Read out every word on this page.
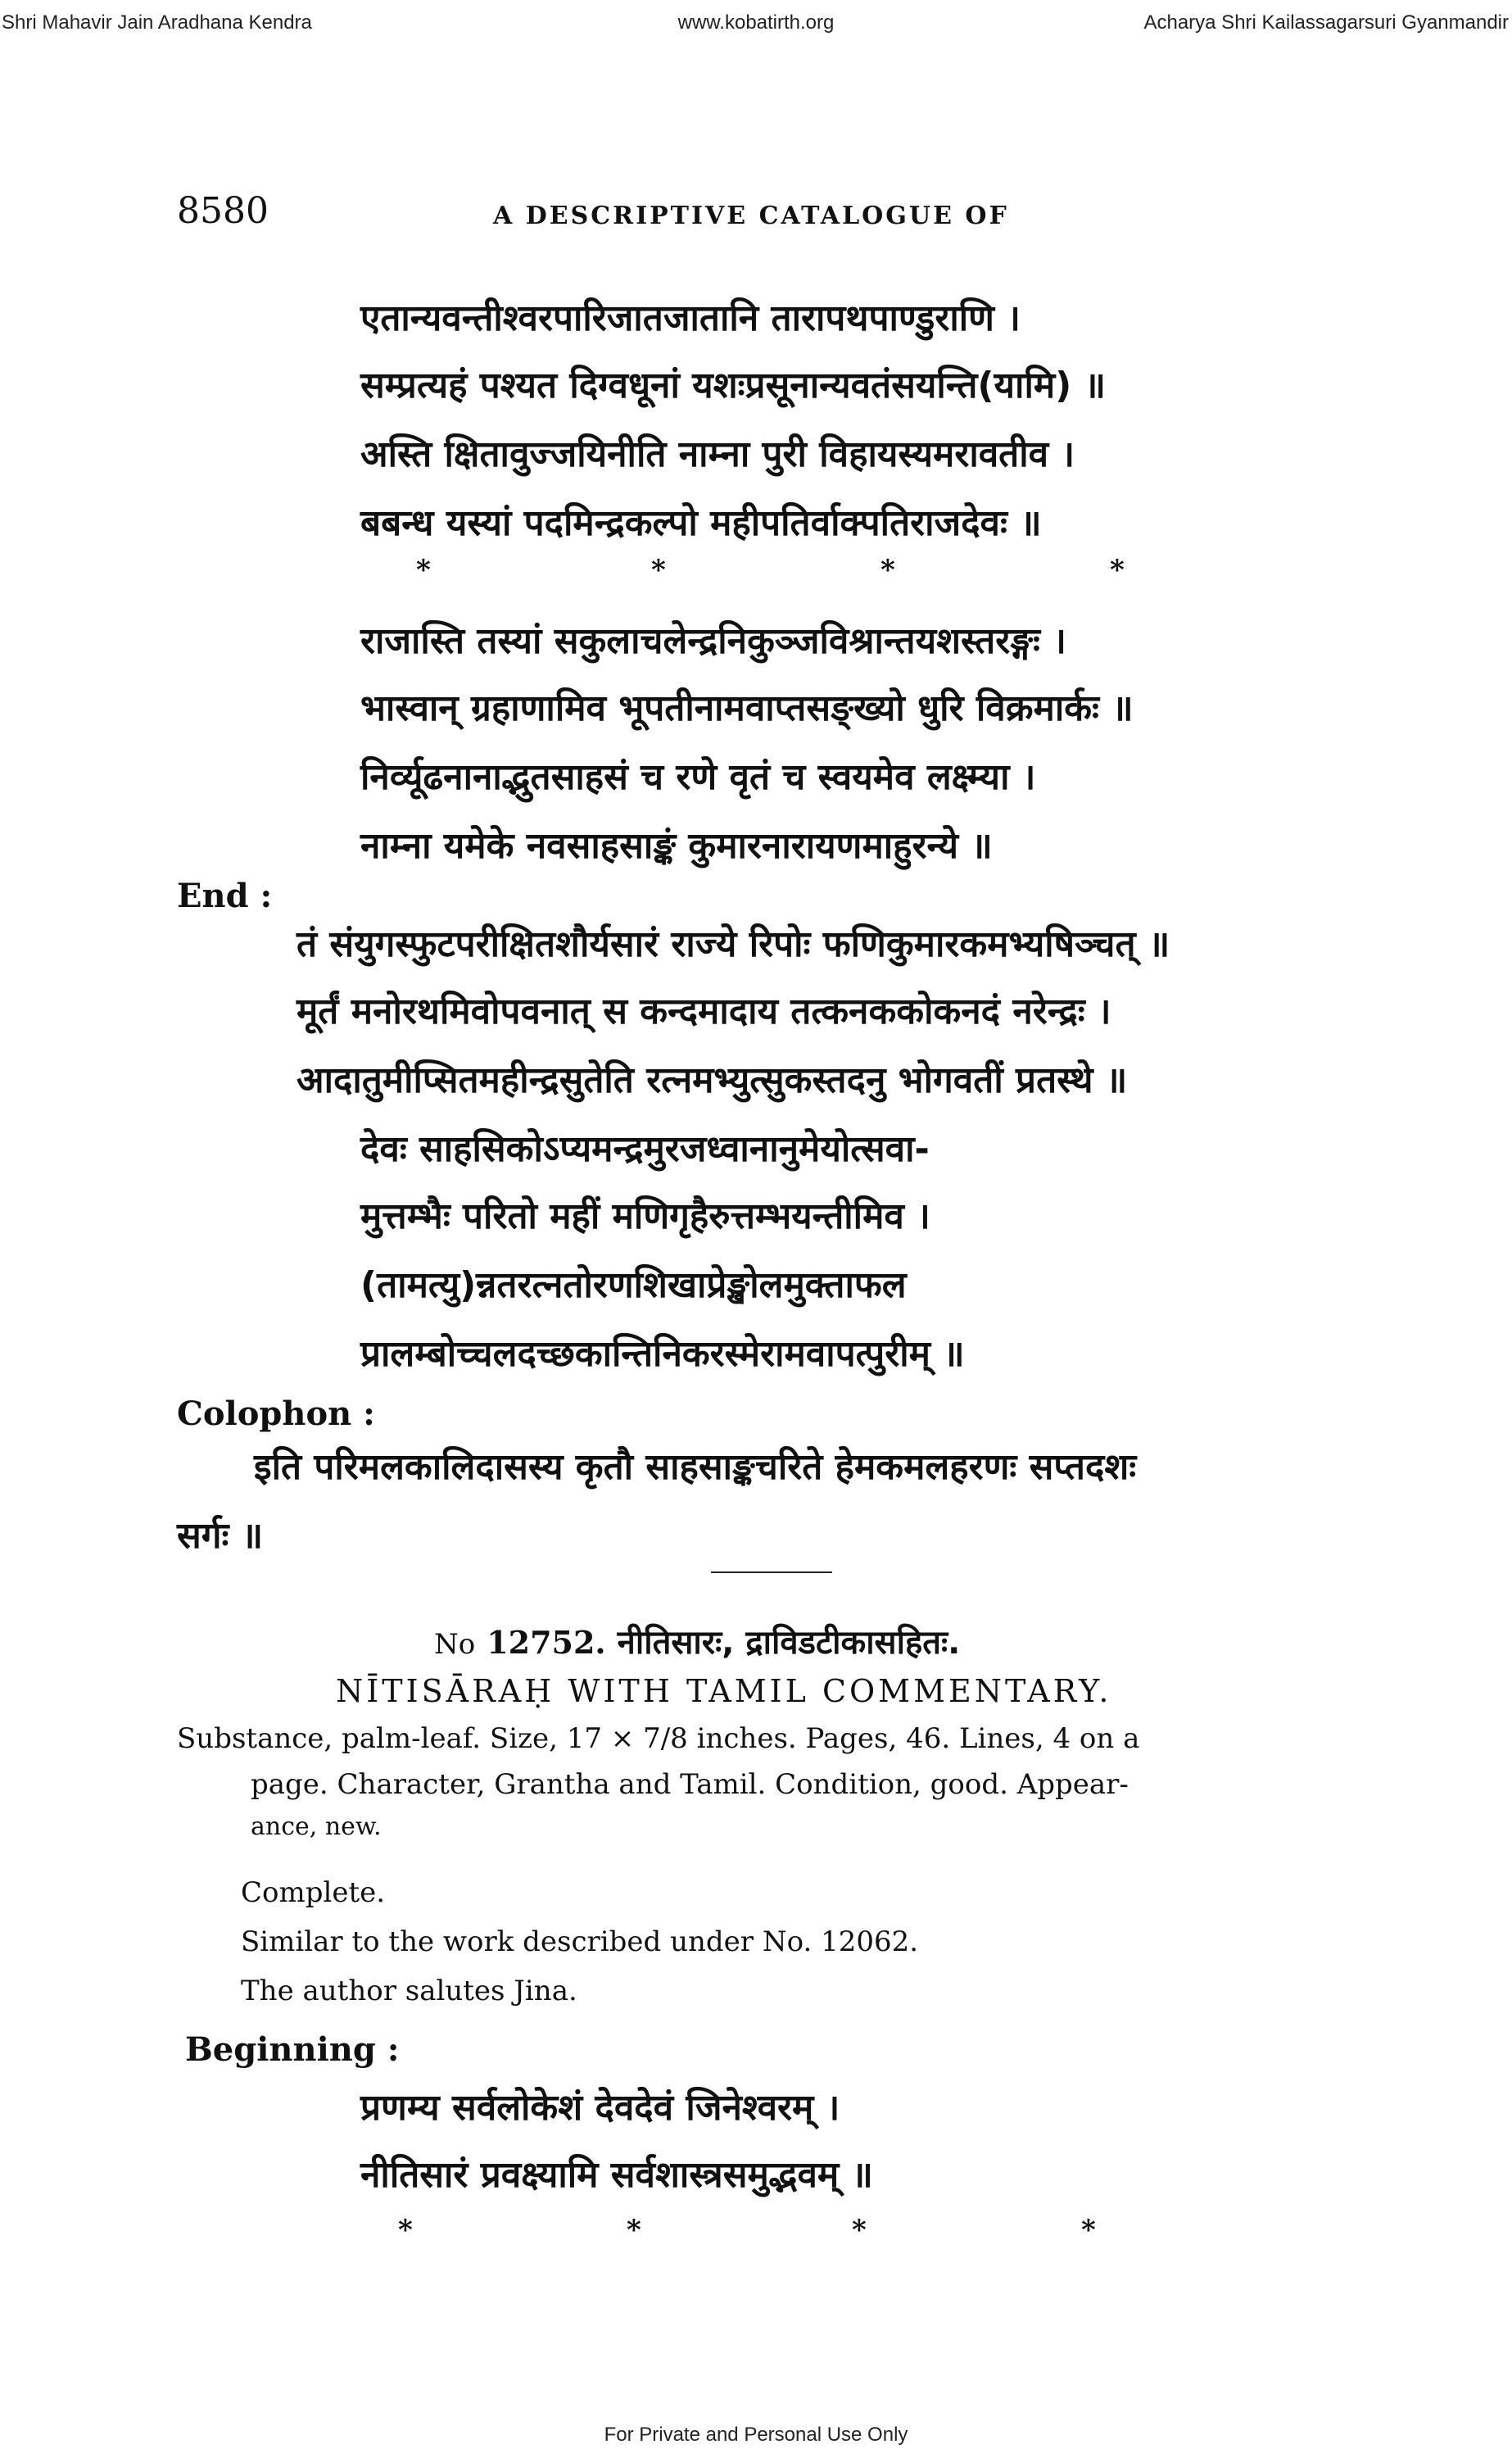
Shri Mahavir Jain Aradhana Kendra	www.kobatirth.org	Acharya Shri Kailassagarsuri Gyanmandir
8580	A DESCRIPTIVE CATALOGUE OF
एतान्यवन्तीश्वरपारिजातजातानि तारापथपाण्डुराणि ।
सम्प्रत्यहं पश्यत दिग्वधूनां यशःप्रसूनान्यवतंसयन्ति(यामि) ॥
अस्ति क्षितावुज्जयिनीति नाम्ना पुरी विहायस्यमरावतीव ।
बबन्ध यस्यां पदमिन्द्रकल्पो महीपतिर्वाक्पतिराजदेवः ॥
*	*	*	*
राजास्ति तस्यां सकुलाचलेन्द्रनिकुञ्जविश्रान्तयशस्तरङ्गः ।
भास्वान् ग्रहाणामिव भूपतीनामवाप्तसङ्ख्यो धुरि विक्रमार्कः ॥
निर्व्यूढनानाद्भुतसाहसं च रणे वृतं च स्वयमेव लक्ष्म्या ।
नाम्ना यमेके नवसाहसाङ्कं कुमारनारायणमाहुरन्ये ॥
End :
तं संयुगस्फुटपरीक्षितशौर्यसारं राज्ये रिपोः फणिकुमारकमभ्यषिञ्चत् ॥
मूर्तं मनोरथमिवोपवनात् स कन्दमादाय तत्कनककोकनदं नरेन्द्रः ।
आदातुमीप्सितमहीन्द्रसुतेति रत्नमभ्युत्सुकस्तदनु भोगवतीं प्रतस्थे ॥
देवः साहसिकोऽप्यमन्द्रमुरजध्वानानुमेयोत्सवा-
मुत्तम्भैः परितो महीं मणिगृहैरुत्तम्भयन्तीमिव ।
(तामत्यु)न्नतरत्नतोरणशिखाप्रेङ्खोलमुक्ताफल
प्रालम्बोच्चलदच्छकान्तिनिकरस्मेरामवापत्पुरीम् ॥
Colophon :
इति परिमलकालिदासस्य कृतौ साहसाङ्कचरिते हेमकमलहरणः सप्तदशः
सर्गः ॥
No 12752. नीतिसारः, द्राविडटीकासहितः.
NĪTISĀRAḤ WITH TAMIL COMMENTARY.
Substance, palm-leaf. Size, 17 × 7/8 inches. Pages, 46. Lines, 4 on a
page. Character, Grantha and Tamil. Condition, good. Appear-
ance, new.
Complete.
Similar to the work described under No. 12062.
The author salutes Jina.
Beginning :
प्रणम्य सर्वलोकेशं देवदेवं जिनेश्वरम् ।
नीतिसारं प्रवक्ष्यामि सर्वशास्त्रसमुद्भवम् ॥
*	*	*	*
For Private and Personal Use Only
